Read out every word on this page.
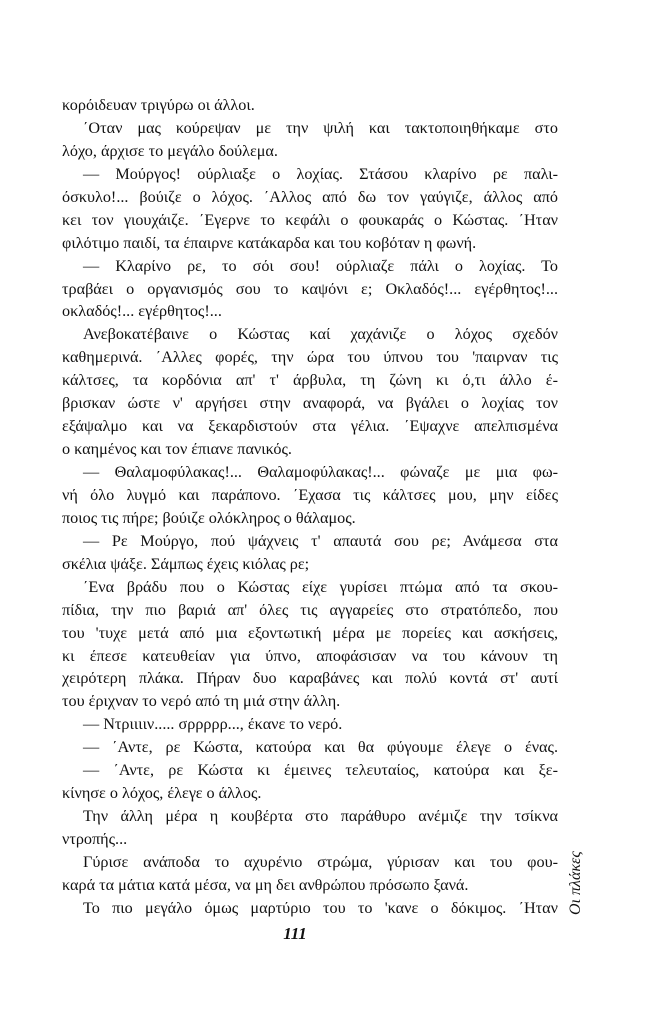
κορόιδευαν τριγύρω οι άλλοι.
΄Οταν μας κούρεψαν με την ψιλή και τακτοποιηθήκαμε στο
λόχο, άρχισε το μεγάλο δούλεμα.
— Μούργος! ούρλιαξε ο λοχίας. Στάσου κλαρίνο ρε παλι-
όσκυλο!... βούιζε ο λόχος. ΄Αλλος από δω τον γαύγιζε, άλλος από
κει τον γιουχάιζε. ΄Εγερνε το κεφάλι ο φουκαράς ο Κώστας. ΄Ηταν
φιλότιμο παιδί, τα έπαιρνε κατάκαρδα και του κοβόταν η φωνή.
— Κλαρίνο ρε, το σόι σου! ούρλιαζε πάλι ο λοχίας. Το
τραβάει ο οργανισμός σου το καψόνι ε; Οκλαδός!... εγέρθητος!...
οκλαδός!... εγέρθητος!...
Ανεβοκατέβαινε ο Κώστας καί χαχάνιζε ο λόχος σχεδόν
καθημερινά. ΄Αλλες φορές, την ώρα του ύπνου του 'παιρναν τις
κάλτσες, τα κορδόνια απ' τ' άρβυλα, τη ζώνη κι ό,τι άλλο έ-
βρισκαν ώστε ν' αργήσει στην αναφορά, να βγάλει ο λοχίας τον
εξάψαλμο και να ξεκαρδιστούν στα γέλια. ΄Εψαχνε απελπισμένα
ο καημένος και τον έπιανε πανικός.
— Θαλαμοφύλακας!... Θαλαμοφύλακας!... φώναζε με μια φω-
νή όλο λυγμό και παράπονο. ΄Εχασα τις κάλτσες μου, μην είδες
ποιος τις πήρε; βούιζε ολόκληρος ο θάλαμος.
— Ρε Μούργο, πού ψάχνεις τ' απαυτά σου ρε; Ανάμεσα στα
σκέλια ψάξε. Σάμπως έχεις κιόλας ρε;
΄Ενα βράδυ που ο Κώστας είχε γυρίσει πτώμα από τα σκου-
πίδια, την πιο βαριά απ' όλες τις αγγαρείες στο στρατόπεδο, που
του 'τυχε μετά από μια εξοντωτική μέρα με πορείες και ασκήσεις,
κι έπεσε κατευθείαν για ύπνο, αποφάσισαν να του κάνουν τη
χειρότερη πλάκα. Πήραν δυο καραβάνες και πολύ κοντά στ' αυτί
του έριχναν το νερό από τη μιά στην άλλη.
— Ντριιιιν..... σρρρρρ..., έκανε το νερό.
— ΄Αντε, ρε Κώστα, κατούρα και θα φύγουμε έλεγε ο ένας.
— ΄Αντε, ρε Κώστα κι έμεινες τελευταίος, κατούρα και ξε-
κίνησε ο λόχος, έλεγε ο άλλος.
Την άλλη μέρα η κουβέρτα στο παράθυρο ανέμιζε την τσίκνα
ντροπής...
Γύρισε ανάποδα το αχυρένιο στρώμα, γύρισαν και του φου-
καρά τα μάτια κατά μέσα, να μη δει ανθρώπου πρόσωπο ξανά.
Το πιο μεγάλο όμως μαρτύριο του το 'κανε ο δόκιμος. ΄Ηταν Οι πλάκες
111
